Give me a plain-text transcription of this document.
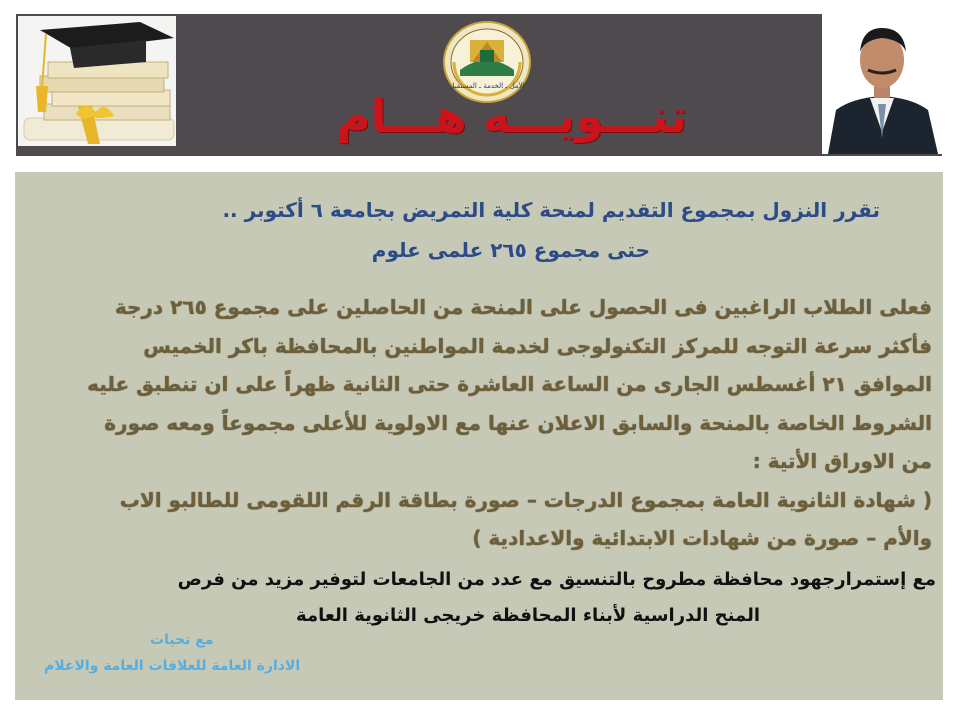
الأمل ـ الخدمة ـ المستقبل
تنـــويـــه هـــام
تقرر النزول بمجموع التقديم لمنحة كلية التمريض بجامعة ٦ أكتوبر ..
حتى مجموع ٢٦٥ علمى علوم
فعلى الطلاب الراغبين فى الحصول على المنحة من الحاصلين على مجموع ٢٦٥ درجة
فأكثر سرعة التوجه للمركز التكنولوجى لخدمة المواطنين بالمحافظة باكر الخميس
الموافق ٢١ أغسطس الجارى من الساعة العاشرة حتى الثانية ظهراً على ان تنطبق عليه
الشروط الخاصة بالمنحة والسابق الاعلان عنها مع الاولوية للأعلى مجموعاً ومعه صورة
من الاوراق الأتية :
( شهادة الثانوية العامة بمجموع الدرجات – صورة بطاقة الرقم اللقومى للطالبو الاب
والأم – صورة من شهادات الابتدائية والاعدادية )
مع إستمرارجهود محافظة مطروح بالتنسيق مع عدد من الجامعات لتوفير مزيد من فرص
المنح الدراسية لأبناء المحافظة خريجى الثانوية العامة
مع تحيات
الادارة العامة للعلاقات العامة والاعلام
